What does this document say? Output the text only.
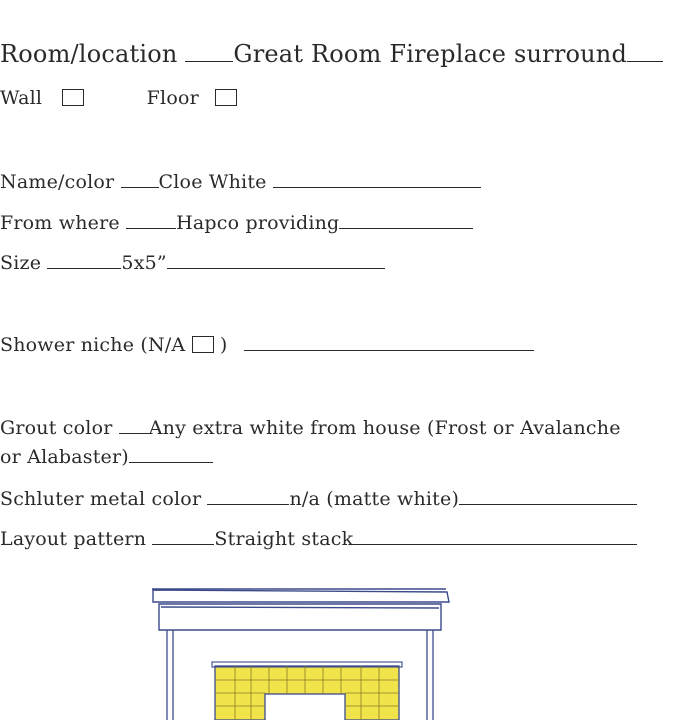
Room/location Great Room Fireplace surround
Wall	Floor
Name/color Cloe White
From where	Hapco providing
Size	5x5”
Shower niche (N/A )
Grout color Any extra white from house (Frost or Avalanche
or Alabaster)
Schluter metal color	n/a (matte white)
Layout pattern	Straight stack
